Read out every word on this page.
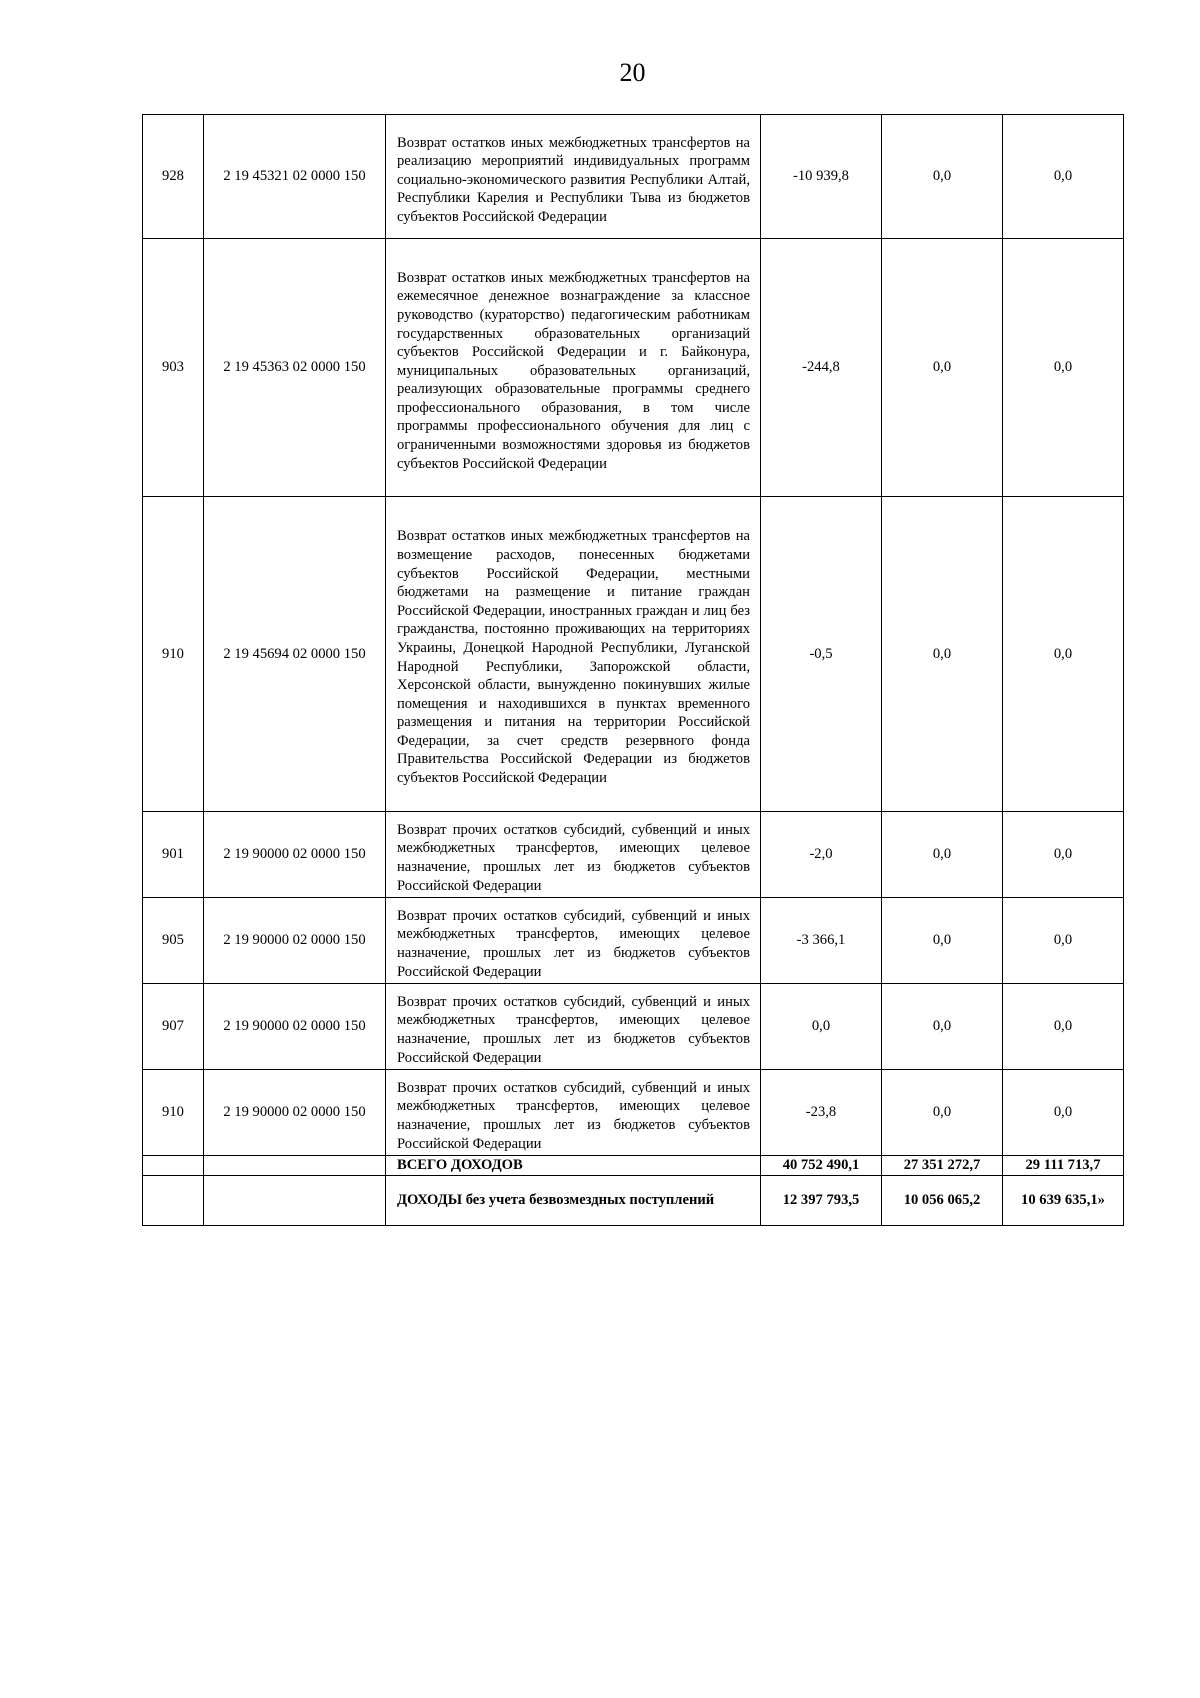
20
928	2 19 45321 02 0000 150	Возврат остатков иных межбюджетных трансфертов на реализацию мероприятий индивидуальных программ социально-экономического развития Республики Алтай, Республики Карелия и Республики Тыва из бюджетов субъектов Российской Федерации	-10 939,8	0,0	0,0
903	2 19 45363 02 0000 150	Возврат остатков иных межбюджетных трансфертов на ежемесячное денежное вознаграждение за классное руководство (кураторство) педагогическим работникам государственных образовательных организаций субъектов Российской Федерации и г. Байконура, муниципальных образовательных организаций, реализующих образовательные программы среднего профессионального образования, в том числе программы профессионального обучения для лиц с ограниченными возможностями здоровья из бюджетов субъектов Российской Федерации	-244,8	0,0	0,0
910	2 19 45694 02 0000 150	Возврат остатков иных межбюджетных трансфертов на возмещение расходов, понесенных бюджетами субъектов Российской Федерации, местными бюджетами на размещение и питание граждан Российской Федерации, иностранных граждан и лиц без гражданства, постоянно проживающих на территориях Украины, Донецкой Народной Республики, Луганской Народной Республики, Запорожской области, Херсонской области, вынужденно покинувших жилые помещения и находившихся в пунктах временного размещения и питания на территории Российской Федерации, за счет средств резервного фонда Правительства Российской Федерации из бюджетов субъектов Российской Федерации	-0,5	0,0	0,0
901	2 19 90000 02 0000 150	Возврат прочих остатков субсидий, субвенций и иных межбюджетных трансфертов, имеющих целевое назначение, прошлых лет из бюджетов субъектов Российской Федерации	-2,0	0,0	0,0
905	2 19 90000 02 0000 150	Возврат прочих остатков субсидий, субвенций и иных межбюджетных трансфертов, имеющих целевое назначение, прошлых лет из бюджетов субъектов Российской Федерации	-3 366,1	0,0	0,0
907	2 19 90000 02 0000 150	Возврат прочих остатков субсидий, субвенций и иных межбюджетных трансфертов, имеющих целевое назначение, прошлых лет из бюджетов субъектов Российской Федерации	0,0	0,0	0,0
910	2 19 90000 02 0000 150	Возврат прочих остатков субсидий, субвенций и иных межбюджетных трансфертов, имеющих целевое назначение, прошлых лет из бюджетов субъектов Российской Федерации	-23,8	0,0	0,0
		ВСЕГО ДОХОДОВ	40 752 490,1	27 351 272,7	29 111 713,7
		ДОХОДЫ без учета безвозмездных поступлений	12 397 793,5	10 056 065,2	10 639 635,1»
